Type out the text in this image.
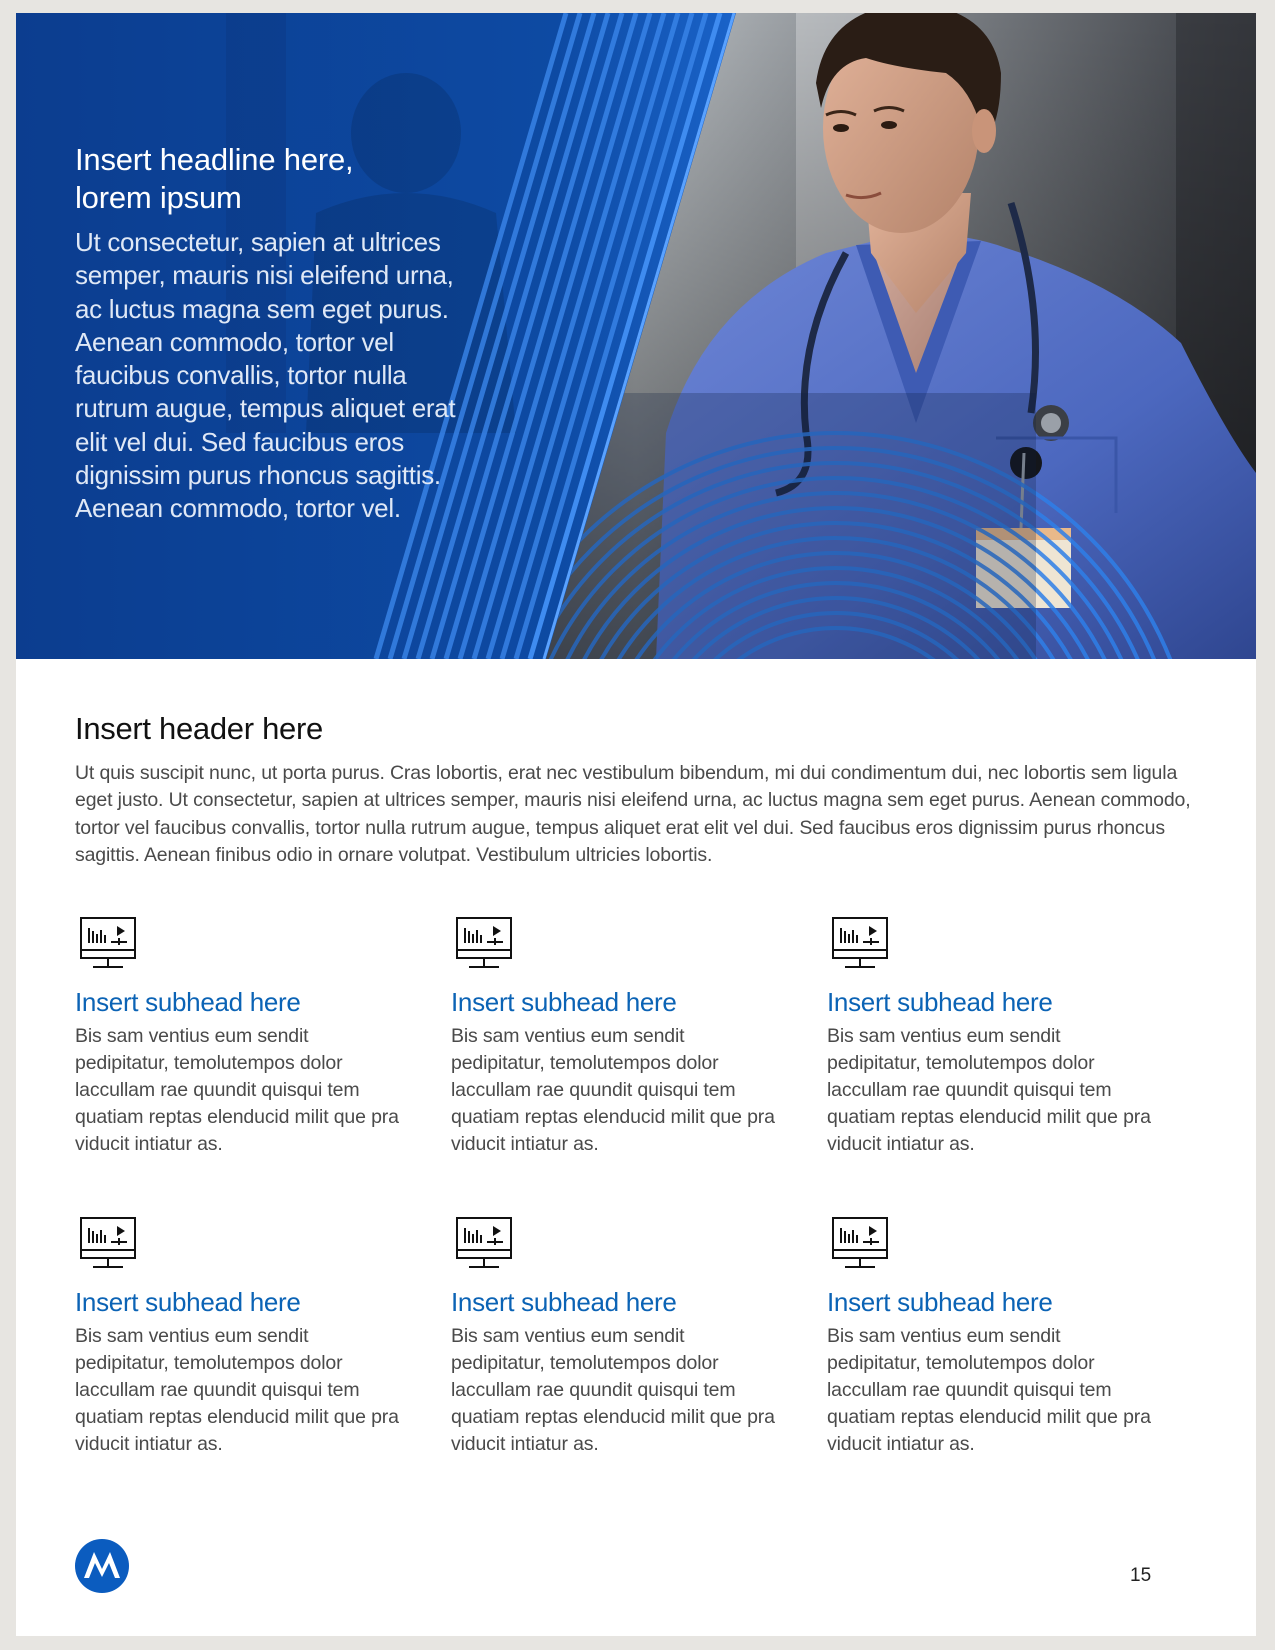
Insert headline here,
lorem ipsum

Ut consectetur, sapien at ultrices semper, mauris nisi eleifend urna, ac luctus magna sem eget purus. Aenean commodo, tortor vel faucibus convallis, tortor nulla rutrum augue, tempus aliquet erat elit vel dui. Sed faucibus eros dignissim purus rhoncus sagittis. Aenean commodo, tortor vel.

Insert header here

Ut quis suscipit nunc, ut porta purus. Cras lobortis, erat nec vestibulum bibendum, mi dui condimentum dui, nec lobortis sem ligula eget justo. Ut consectetur, sapien at ultrices semper, mauris nisi eleifend urna, ac luctus magna sem eget purus. Aenean commodo, tortor vel faucibus convallis, tortor nulla rutrum augue, tempus aliquet erat elit vel dui. Sed faucibus eros dignissim purus rhoncus sagittis. Aenean finibus odio in ornare volutpat. Vestibulum ultricies lobortis.

Insert subhead here

Bis sam ventius eum sendit pedipitatur, temolutempos dolor laccullam rae quundit quisqui tem quatiam reptas elenducid milit que pra viducit intiatur as.

Insert subhead here

Bis sam ventius eum sendit pedipitatur, temolutempos dolor laccullam rae quundit quisqui tem quatiam reptas elenducid milit que pra viducit intiatur as.

Insert subhead here

Bis sam ventius eum sendit pedipitatur, temolutempos dolor laccullam rae quundit quisqui tem quatiam reptas elenducid milit que pra viducit intiatur as.

Insert subhead here

Bis sam ventius eum sendit pedipitatur, temolutempos dolor laccullam rae quundit quisqui tem quatiam reptas elenducid milit que pra viducit intiatur as.

Insert subhead here

Bis sam ventius eum sendit pedipitatur, temolutempos dolor laccullam rae quundit quisqui tem quatiam reptas elenducid milit que pra viducit intiatur as.

Insert subhead here

Bis sam ventius eum sendit pedipitatur, temolutempos dolor laccullam rae quundit quisqui tem quatiam reptas elenducid milit que pra viducit intiatur as.

15
